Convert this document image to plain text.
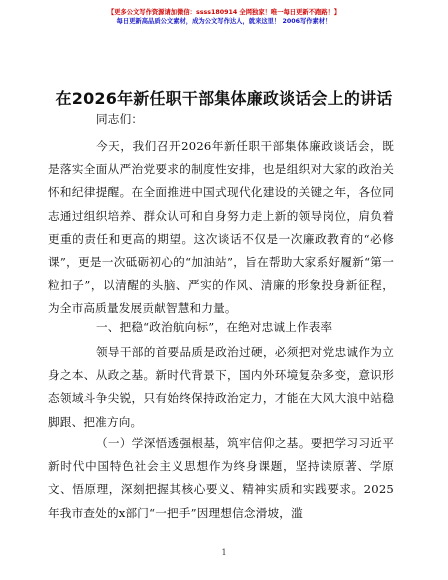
【更多公文写作资源请加微信：ssss180914 全网独家！唯一每日更新不跑路！】
每日更新高品质公文素材，成为公文写作达人，就来这里！ 2006写作素材！
在2026年新任职干部集体廉政谈话会上的讲话
同志们：
今天，我们召开2026年新任职干部集体廉政谈话会，既是落实全面从严治党要求的制度性安排，也是组织对大家的政治关怀和纪律提醒。在全面推进中国式现代化建设的关键之年，各位同志通过组织培养、群众认可和自身努力走上新的领导岗位，肩负着更重的责任和更高的期望。这次谈话不仅是一次廉政教育的“必修课”，更是一次砥砺初心的“加油站”，旨在帮助大家系好履新“第一粒扣子”，以清醒的头脑、严实的作风、清廉的形象投身新征程，为全市高质量发展贡献智慧和力量。
一、把稳“政治航向标”，在绝对忠诚上作表率
领导干部的首要品质是政治过硬，必须把对党忠诚作为立身之本、从政之基。新时代背景下，国内外环境复杂多变，意识形态领域斗争尖锐，只有始终保持政治定力，才能在大风大浪中站稳脚跟、把准方向。
（一）学深悟透强根基，筑牢信仰之基。要把学习习近平新时代中国特色社会主义思想作为终身课题，坚持读原著、学原文、悟原理，深刻把握其核心要义、精神实质和实践要求。2025年我市查处的x部门“一把手”因理想信念滑坡，滥
1
